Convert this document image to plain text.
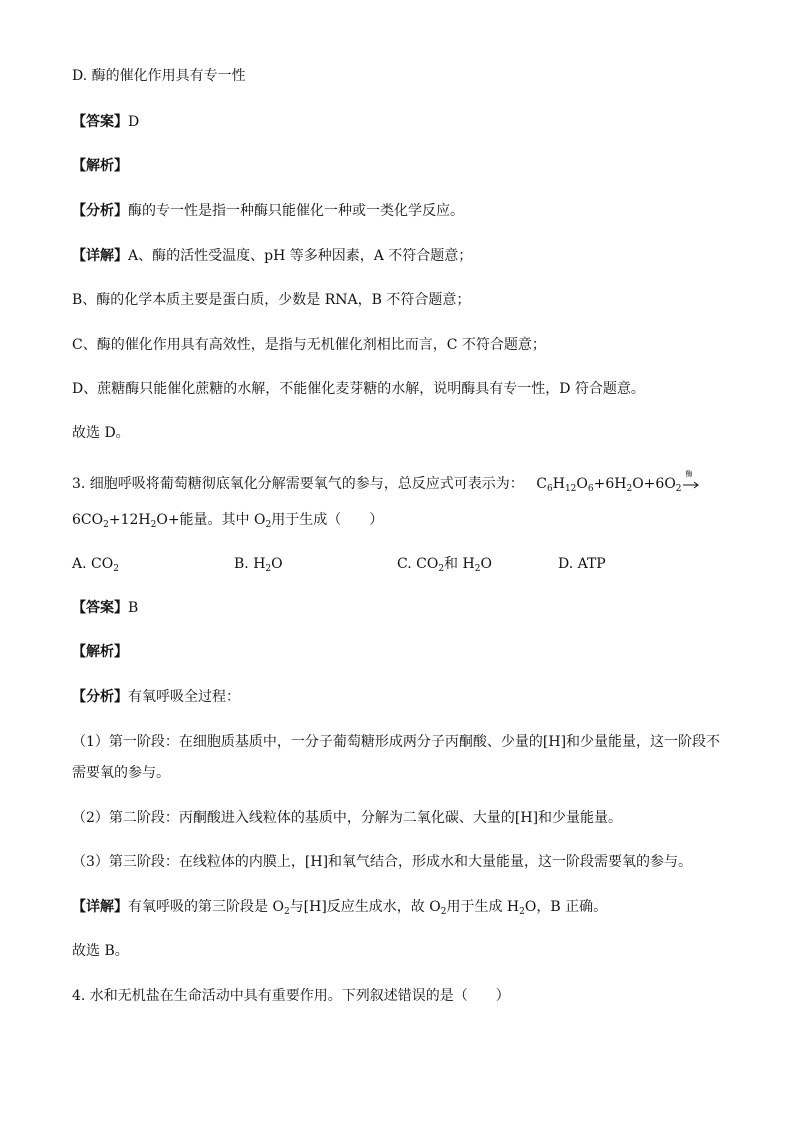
D. 酶的催化作用具有专一性
【答案】D
【解析】
【分析】酶的专一性是指一种酶只能催化一种或一类化学反应。
【详解】A、酶的活性受温度、pH 等多种因素，A 不符合题意；
B、酶的化学本质主要是蛋白质，少数是 RNA，B 不符合题意；
C、酶的催化作用具有高效性，是指与无机催化剂相比而言，C 不符合题意；
D、蔗糖酶只能催化蔗糖的水解，不能催化麦芽糖的水解，说明酶具有专一性，D 符合题意。
故选 D。
3. 细胞呼吸将葡萄糖彻底氧化分解需要氧气的参与，总反应式可表示为： $C_6H_{12}O_6+6H_2O+6O_2$
酶
$6CO_2+12H_2O+$能量。其中 $O_2$用于生成（　　）
A. $CO_2$	B. $H_2O$	C. $CO_2$和 $H_2O$	D. ATP
【答案】B
【解析】
【分析】有氧呼吸全过程：
（1）第一阶段：在细胞质基质中，一分子葡萄糖形成两分子丙酮酸、少量的[H]和少量能量，这一阶段不
需要氧的参与。
（2）第二阶段：丙酮酸进入线粒体的基质中，分解为二氧化碳、大量的[H]和少量能量。
（3）第三阶段：在线粒体的内膜上，[H]和氧气结合，形成水和大量能量，这一阶段需要氧的参与。
【详解】有氧呼吸的第三阶段是 $O_2$与[H]反应生成水，故 $O_2$用于生成 $H_2O$，B 正确。
故选 B。
4. 水和无机盐在生命活动中具有重要作用。下列叙述错误的是（　　）
